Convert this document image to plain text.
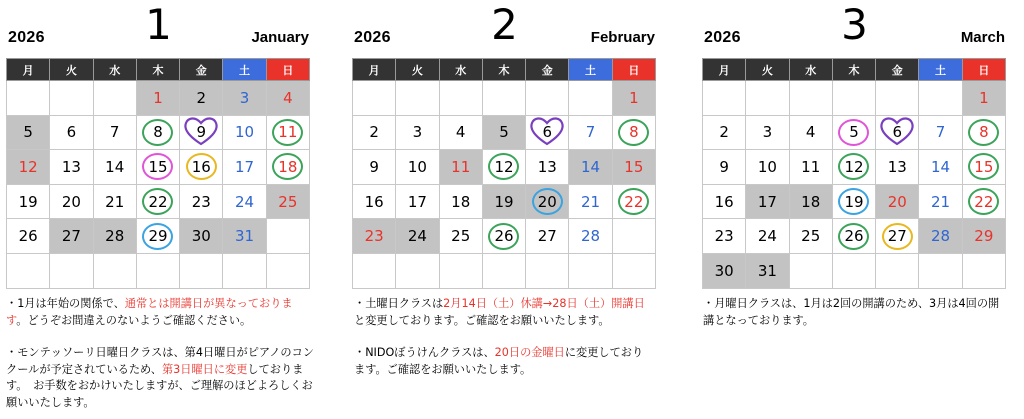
2026	1	January
月	火	水	木	金	土	日
			1	2	3	4
5	6	7	8	9	10	11
12	13	14	15	16	17	18
19	20	21	22	23	24	25
26	27	28	29	30	31	

2026	2	February
月	火	水	木	金	土	日
						1
2	3	4	5	6	7	8
9	10	11	12	13	14	15
16	17	18	19	20	21	22
23	24	25	26	27	28	

2026	3	March
月	火	水	木	金	土	日
						1
2	3	4	5	6	7	8
9	10	11	12	13	14	15
16	17	18	19	20	21	22
23	24	25	26	27	28	29
30	31					

・1月は年始の関係で、通常とは開講日が異なっております。どうぞお間違えのないようご確認ください。

・モンテッソーリ日曜日クラスは、第4日曜日がピアノのコンクールが予定されているため、第3日曜日に変更しております。　お手数をおかけいたしますが、ご理解のほどよろしくお願いいたします。

・土曜日クラスは2月14日（土）休講→28日（土）開講日と変更しております。ご確認をお願いいたします。

・NIDOぼうけんクラスは、20日の金曜日に変更しております。ご確認をお願いいたします。

・月曜日クラスは、1月は2回の開講のため、3月は4回の開講となっております。
